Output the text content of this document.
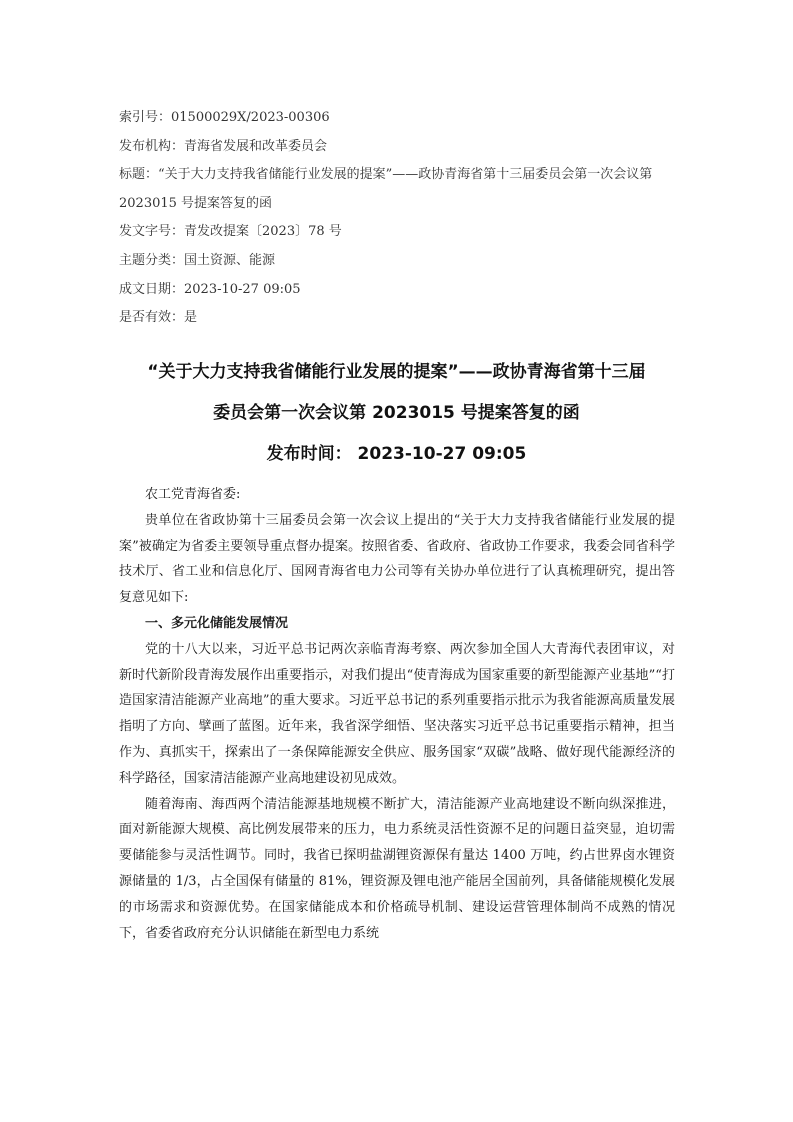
索引号：01500029X/2023-00306
发布机构：青海省发展和改革委员会
标题：“关于大力支持我省储能行业发展的提案”——政协青海省第十三届委员会第一次会议第 2023015 号提案答复的函
发文字号：青发改提案〔2023〕78 号
主题分类：国土资源、能源
成文日期：2023-10-27 09:05
是否有效：是
“关于大力支持我省储能行业发展的提案”——政协青海省第十三届
委员会第一次会议第 2023015 号提案答复的函
发布时间： 2023-10-27 09:05

农工党青海省委:

贵单位在省政协第十三届委员会第一次会议上提出的“关于大力支持我省储能行业发展的提案”被确定为省委主要领导重点督办提案。按照省委、省政府、省政协工作要求，我委会同省科学技术厅、省工业和信息化厅、国网青海省电力公司等有关协办单位进行了认真梳理研究，提出答复意见如下:

一、多元化储能发展情况

党的十八大以来，习近平总书记两次亲临青海考察、两次参加全国人大青海代表团审议，对新时代新阶段青海发展作出重要指示，对我们提出“使青海成为国家重要的新型能源产业基地”“打造国家清洁能源产业高地”的重大要求。习近平总书记的系列重要指示批示为我省能源高质量发展指明了方向、擘画了蓝图。近年来，我省深学细悟、坚决落实习近平总书记重要指示精神，担当作为、真抓实干，探索出了一条保障能源安全供应、服务国家“双碳”战略、做好现代能源经济的科学路径，国家清洁能源产业高地建设初见成效。

随着海南、海西两个清洁能源基地规模不断扩大，清洁能源产业高地建设不断向纵深推进，面对新能源大规模、高比例发展带来的压力，电力系统灵活性资源不足的问题日益突显，迫切需要储能参与灵活性调节。同时，我省已探明盐湖锂资源保有量达 1400 万吨，约占世界卤水锂资源储量的 1/3，占全国保有储量的 81%，锂资源及锂电池产能居全国前列，具备储能规模化发展的市场需求和资源优势。在国家储能成本和价格疏导机制、建设运营管理体制尚不成熟的情况下，省委省政府充分认识储能在新型电力系统
